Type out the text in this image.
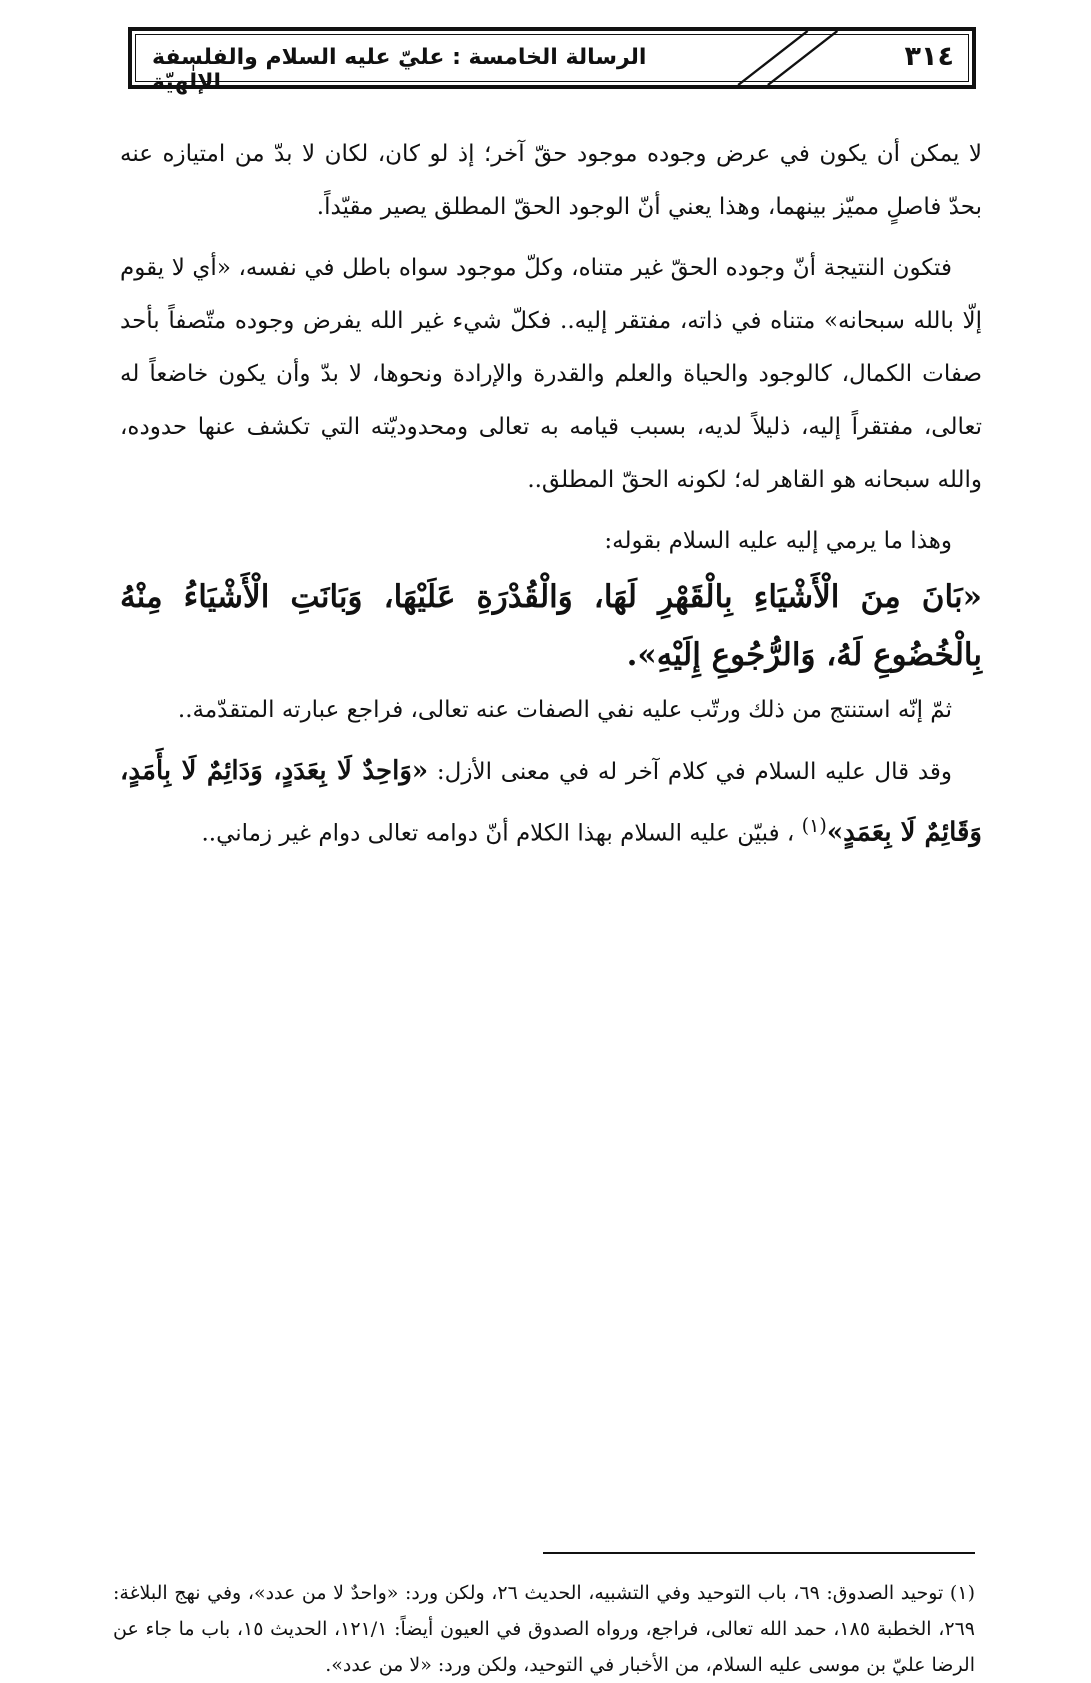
٣١٤
الرسالة الخامسة : عليّ عليه السلام والفلسفة الإلٰهيّة

لا يمكن أن يكون في عرض وجوده موجود حقّ آخر؛ إذ لو كان، لكان لا بدّ من امتيازه عنه بحدّ فاصلٍ مميّز بينهما، وهذا يعني أنّ الوجود الحقّ المطلق يصير مقيّداً.

فتكون النتيجة أنّ وجوده الحقّ غير متناه، وكلّ موجود سواه باطل في نفسه، «أي لا يقوم إلّا بالله سبحانه» متناه في ذاته، مفتقر إليه.. فكلّ شيء غير الله يفرض وجوده متّصفاً بأحد صفات الكمال، كالوجود والحياة والعلم والقدرة والإرادة ونحوها، لا بدّ وأن يكون خاضعاً له تعالى، مفتقراً إليه، ذليلاً لديه، بسبب قيامه به تعالى ومحدوديّته التي تكشف عنها حدوده، والله سبحانه هو القاهر له؛ لكونه الحقّ المطلق..

وهذا ما يرمي إليه عليه السلام بقوله:

«بَانَ مِنَ الْأَشْيَاءِ بِالْقَهْرِ لَهَا، وَالْقُدْرَةِ عَلَيْهَا، وَبَانَتِ الْأَشْيَاءُ مِنْهُ بِالْخُضُوعِ لَهُ، وَالرُّجُوعِ إِلَيْهِ».

ثمّ إنّه استنتج من ذلك ورتّب عليه نفي الصفات عنه تعالى، فراجع عبارته المتقدّمة..

وقد قال عليه السلام في كلام آخر له في معنى الأزل: «وَاحِدٌ لَا بِعَدَدٍ، وَدَائِمٌ لَا بِأَمَدٍ، وَقَائِمٌ لَا بِعَمَدٍ»$^{(١)}$ ، فبيّن عليه السلام بهذا الكلام أنّ دوامه تعالى دوام غير زماني..

(١) توحيد الصدوق: ٦٩، باب التوحيد وفي التشبيه، الحديث ٢٦، ولكن ورد: «واحدٌ لا من عدد»، وفي نهج البلاغة: ٢٦٩، الخطبة ١٨٥، حمد الله تعالى، فراجع، ورواه الصدوق في العيون أيضاً: ١٢١/١، الحديث ١٥، باب ما جاء عن الرضا عليّ بن موسى عليه السلام، من الأخبار في التوحيد، ولكن ورد: «لا من عدد».
